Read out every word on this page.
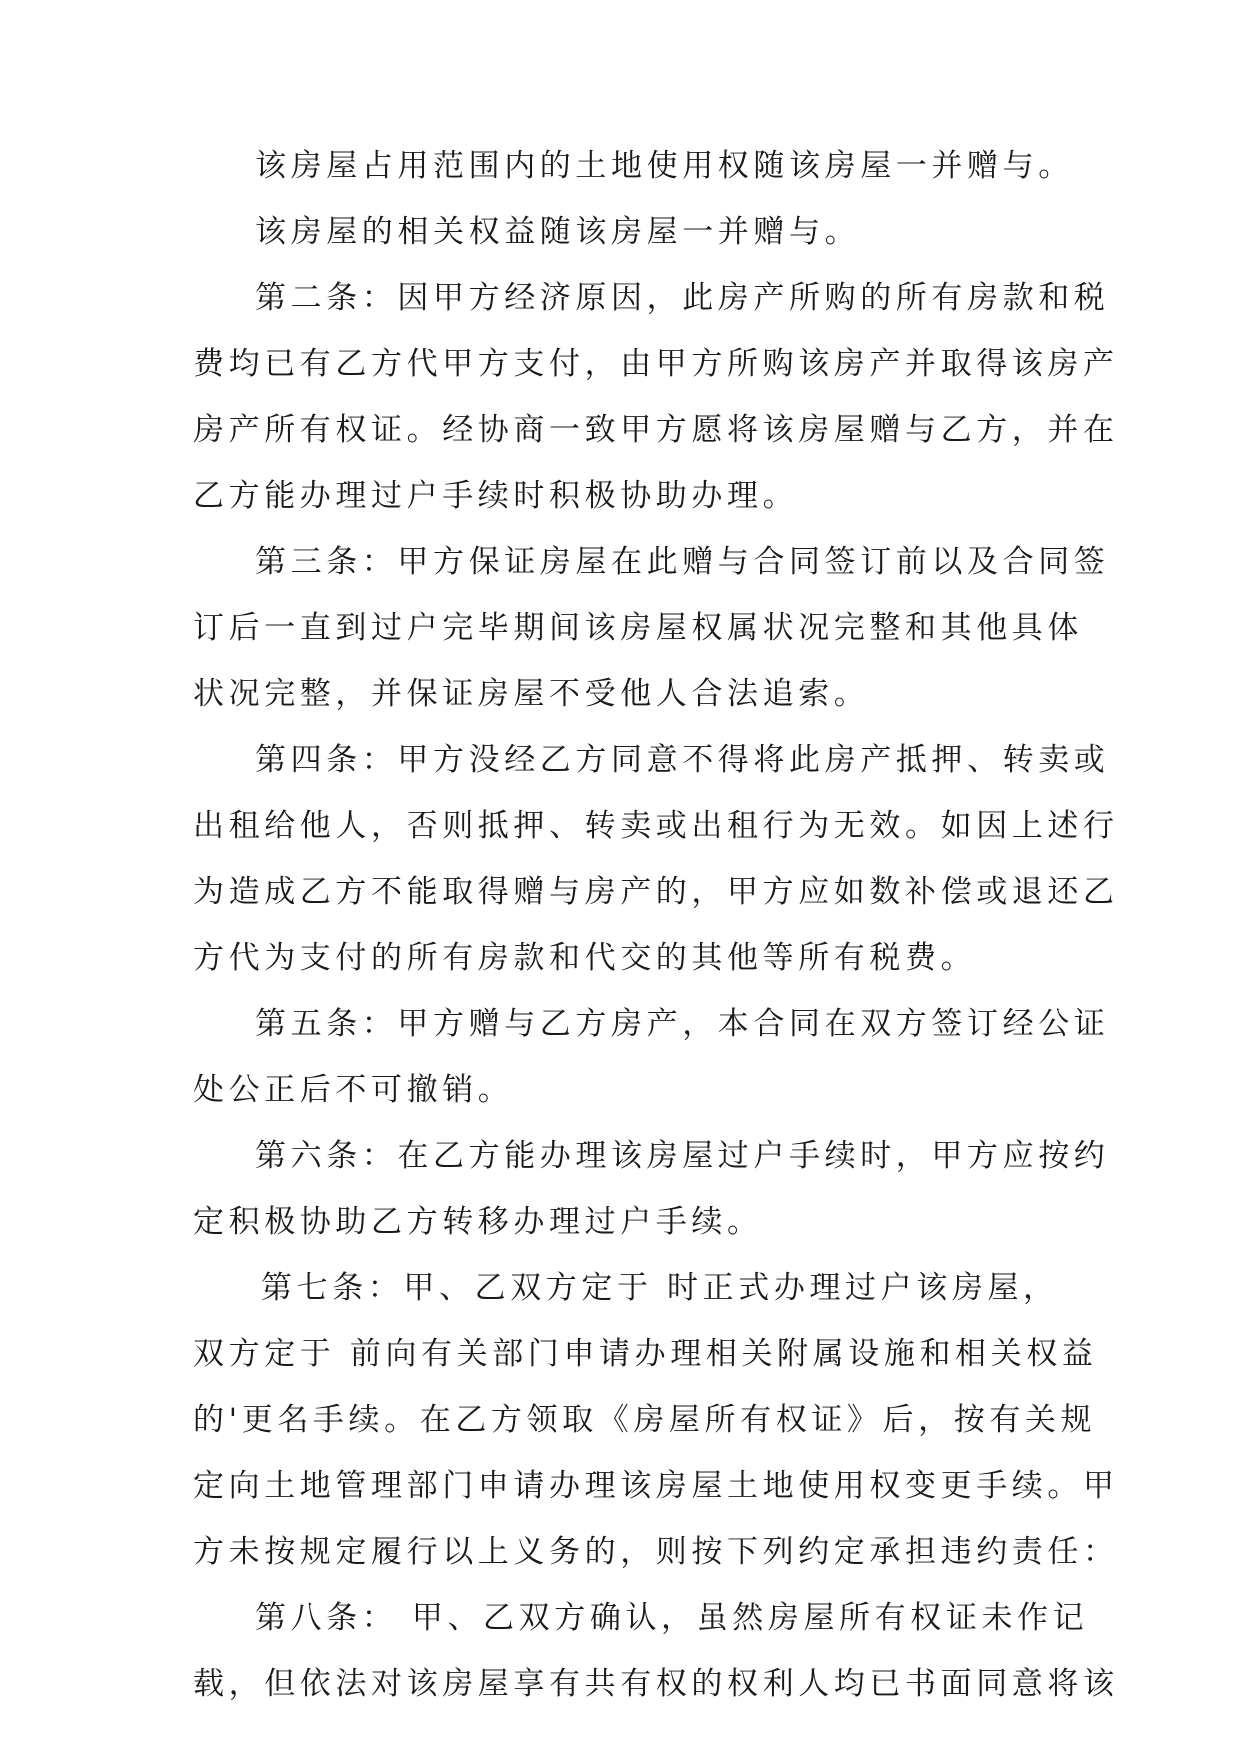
该房屋占用范围内的土地使用权随该房屋一并赠与。
该房屋的相关权益随该房屋一并赠与。
第二条：因甲方经济原因，此房产所购的所有房款和税
费均已有乙方代甲方支付，由甲方所购该房产并取得该房产
房产所有权证。经协商一致甲方愿将该房屋赠与乙方，并在
乙方能办理过户手续时积极协助办理。
第三条：甲方保证房屋在此赠与合同签订前以及合同签
订后一直到过户完毕期间该房屋权属状况完整和其他具体
状况完整，并保证房屋不受他人合法追索。
第四条：甲方没经乙方同意不得将此房产抵押、转卖或
出租给他人，否则抵押、转卖或出租行为无效。如因上述行
为造成乙方不能取得赠与房产的，甲方应如数补偿或退还乙
方代为支付的所有房款和代交的其他等所有税费。
第五条：甲方赠与乙方房产，本合同在双方签订经公证
处公正后不可撤销。
第六条：在乙方能办理该房屋过户手续时，甲方应按约
定积极协助乙方转移办理过户手续。
第七条：甲、乙双方定于 时正式办理过户该房屋，
双方定于 前向有关部门申请办理相关附属设施和相关权益
的'更名手续。在乙方领取《房屋所有权证》后，按有关规
定向土地管理部门申请办理该房屋土地使用权变更手续。甲
方未按规定履行以上义务的，则按下列约定承担违约责任：
第八条： 甲、乙双方确认，虽然房屋所有权证未作记
载，但依法对该房屋享有共有权的权利人均已书面同意将该
